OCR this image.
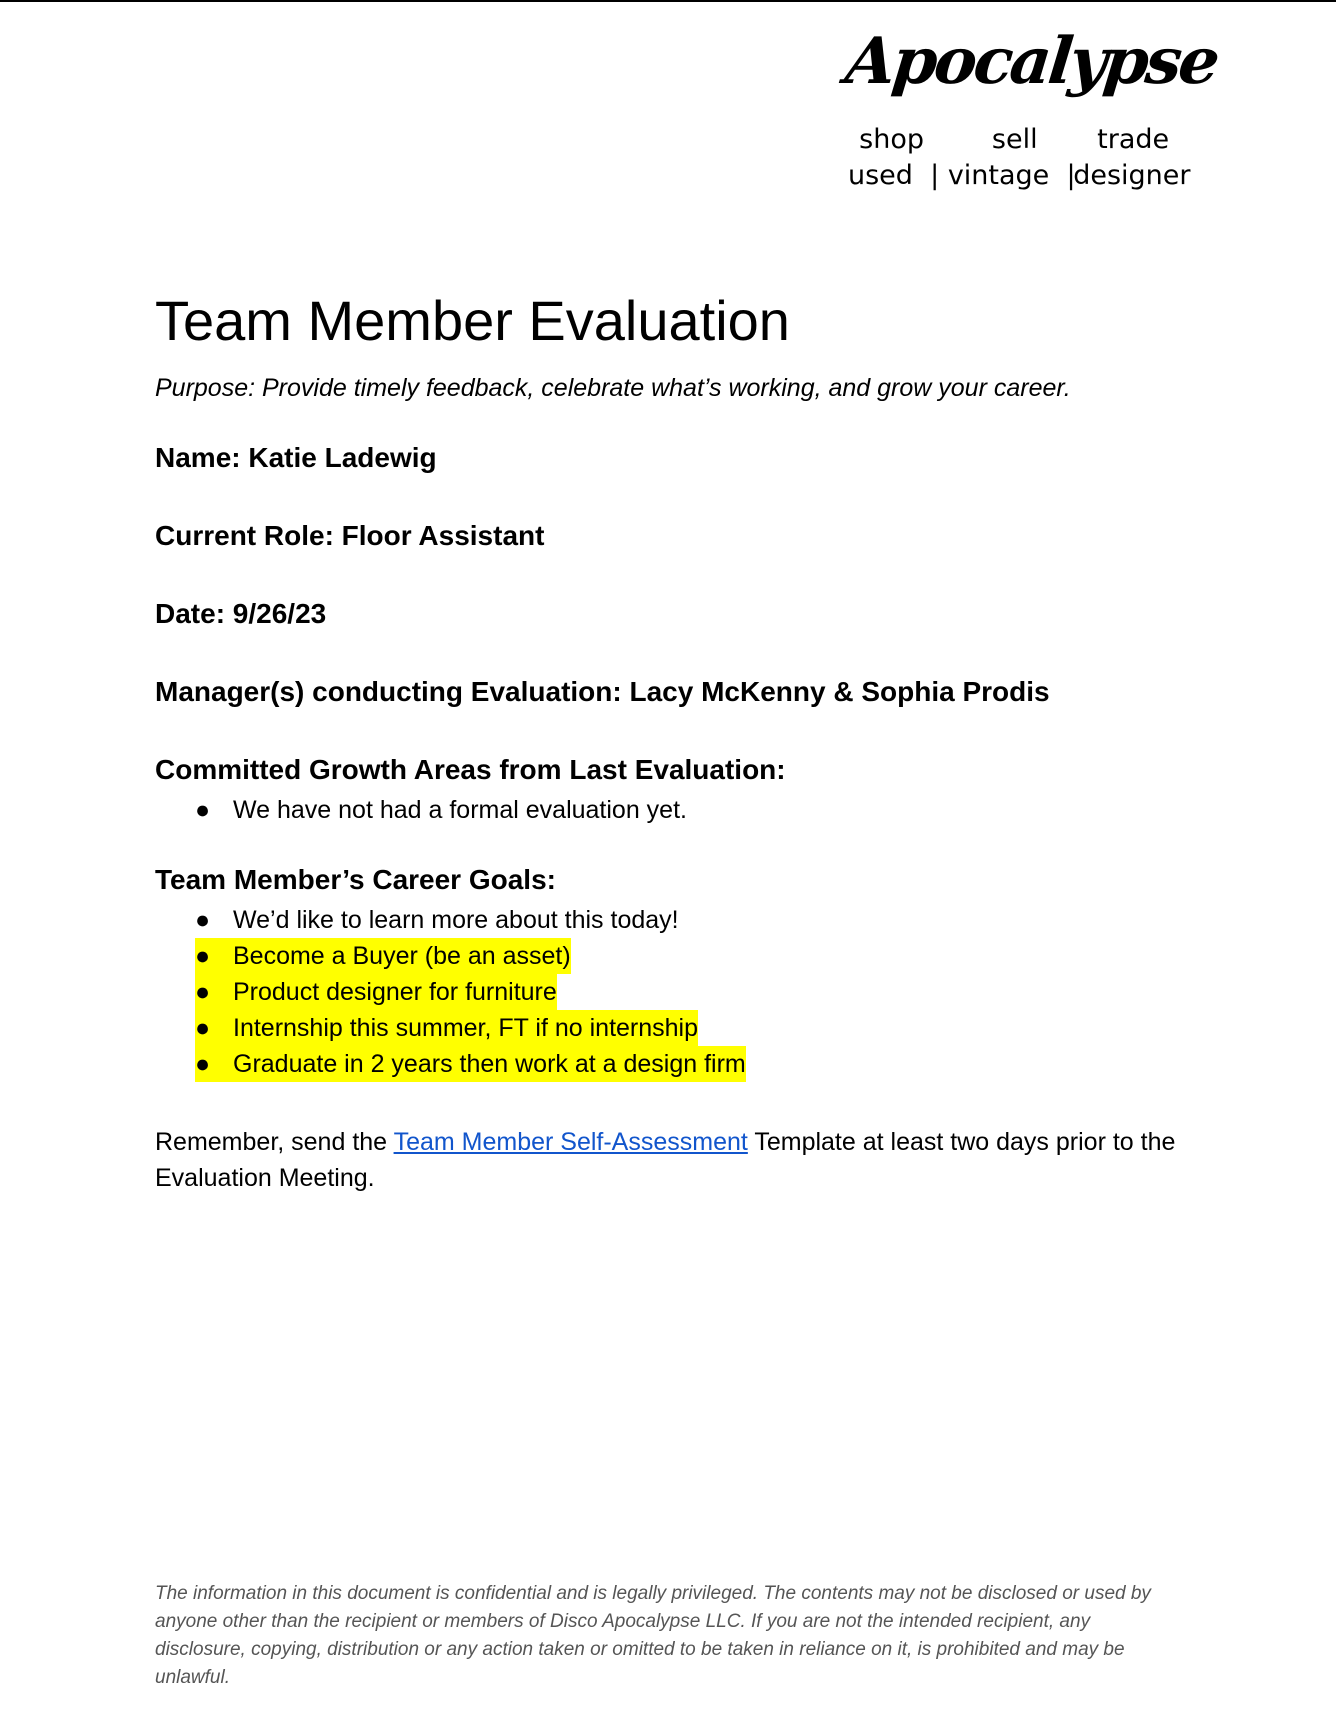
Apocalypse
shop	sell	trade
used | vintage |
designer
Team Member Evaluation
Purpose: Provide timely feedback, celebrate what’s working, and grow your career.
Name: Katie Ladewig
Current Role: Floor Assistant
Date: 9/26/23
Manager(s) conducting Evaluation: Lacy McKenny & Sophia Prodis
Committed Growth Areas from Last Evaluation:
● We have not had a formal evaluation yet.
Team Member’s Career Goals:
● We’d like to learn more about this today!
● Become a Buyer (be an asset)
● Product designer for furniture
● Internship this summer, FT if no internship
● Graduate in 2 years then work at a design firm
Remember, send the Team Member Self-Assessment Template at least two days prior to the Evaluation Meeting.
The information in this document is confidential and is legally privileged. The contents may not be disclosed or used by anyone other than the recipient or members of Disco Apocalypse LLC. If you are not the intended recipient, any disclosure, copying, distribution or any action taken or omitted to be taken in reliance on it, is prohibited and may be unlawful.
